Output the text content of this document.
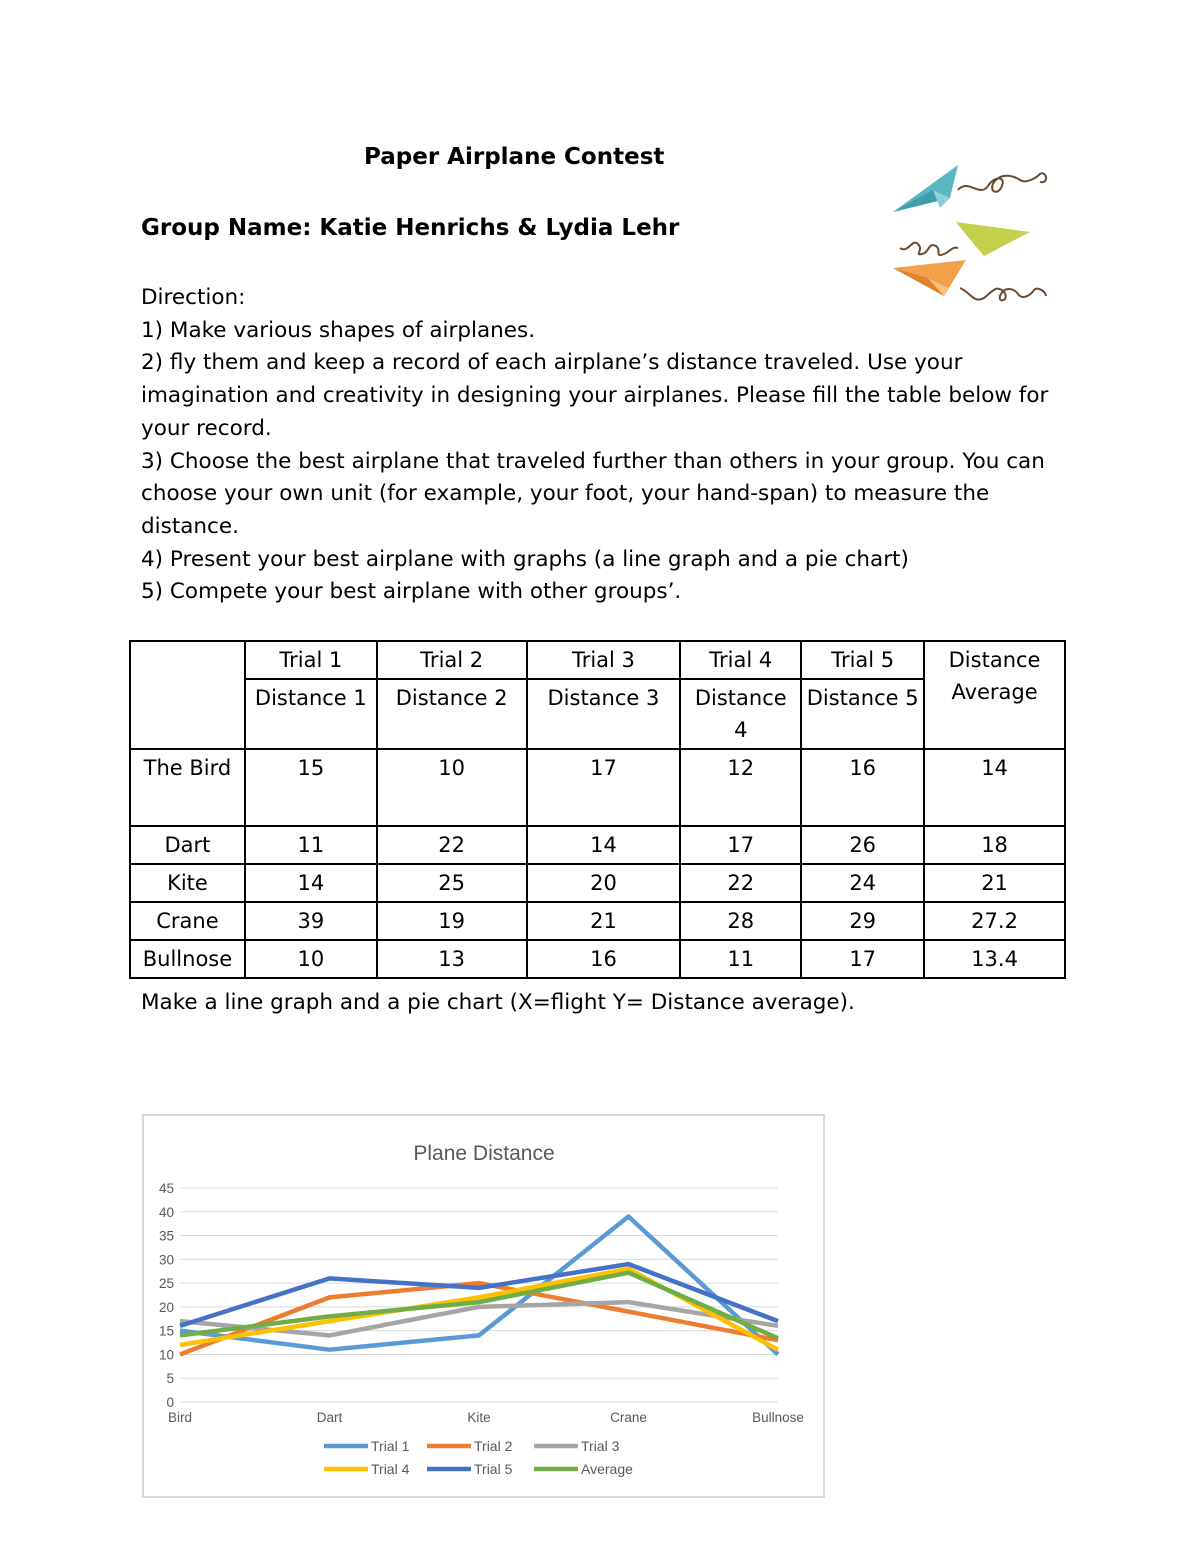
Paper Airplane Contest
Group Name: Katie Henrichs & Lydia Lehr
Direction:
1) Make various shapes of airplanes.
2) fly them and keep a record of each airplane’s distance traveled. Use your imagination and creativity in designing your airplanes. Please fill the table below for your record.
3) Choose the best airplane that traveled further than others in your group. You can choose your own unit (for example, your foot, your hand-span) to measure the distance.
4) Present your best airplane with graphs (a line graph and a pie chart)
5) Compete your best airplane with other groups’.
	Trial 1	Trial 2	Trial 3	Trial 4	Trial 5	Distance Average
	Distance 1	Distance 2	Distance 3	Distance 4	Distance 5	
The Bird	15	10	17	12	16	14
Dart	11	22	14	17	26	18
Kite	14	25	20	22	24	21
Crane	39	19	21	28	29	27.2
Bullnose	10	13	16	11	17	13.4
Make a line graph and a pie chart (X=flight Y= Distance average).
Plane Distance
0
5
10
15
20
25
30
35
40
45
Bird	Dart	Kite	Crane	Bullnose
Trial 1	Trial 2	Trial 3
Trial 4	Trial 5	Average
